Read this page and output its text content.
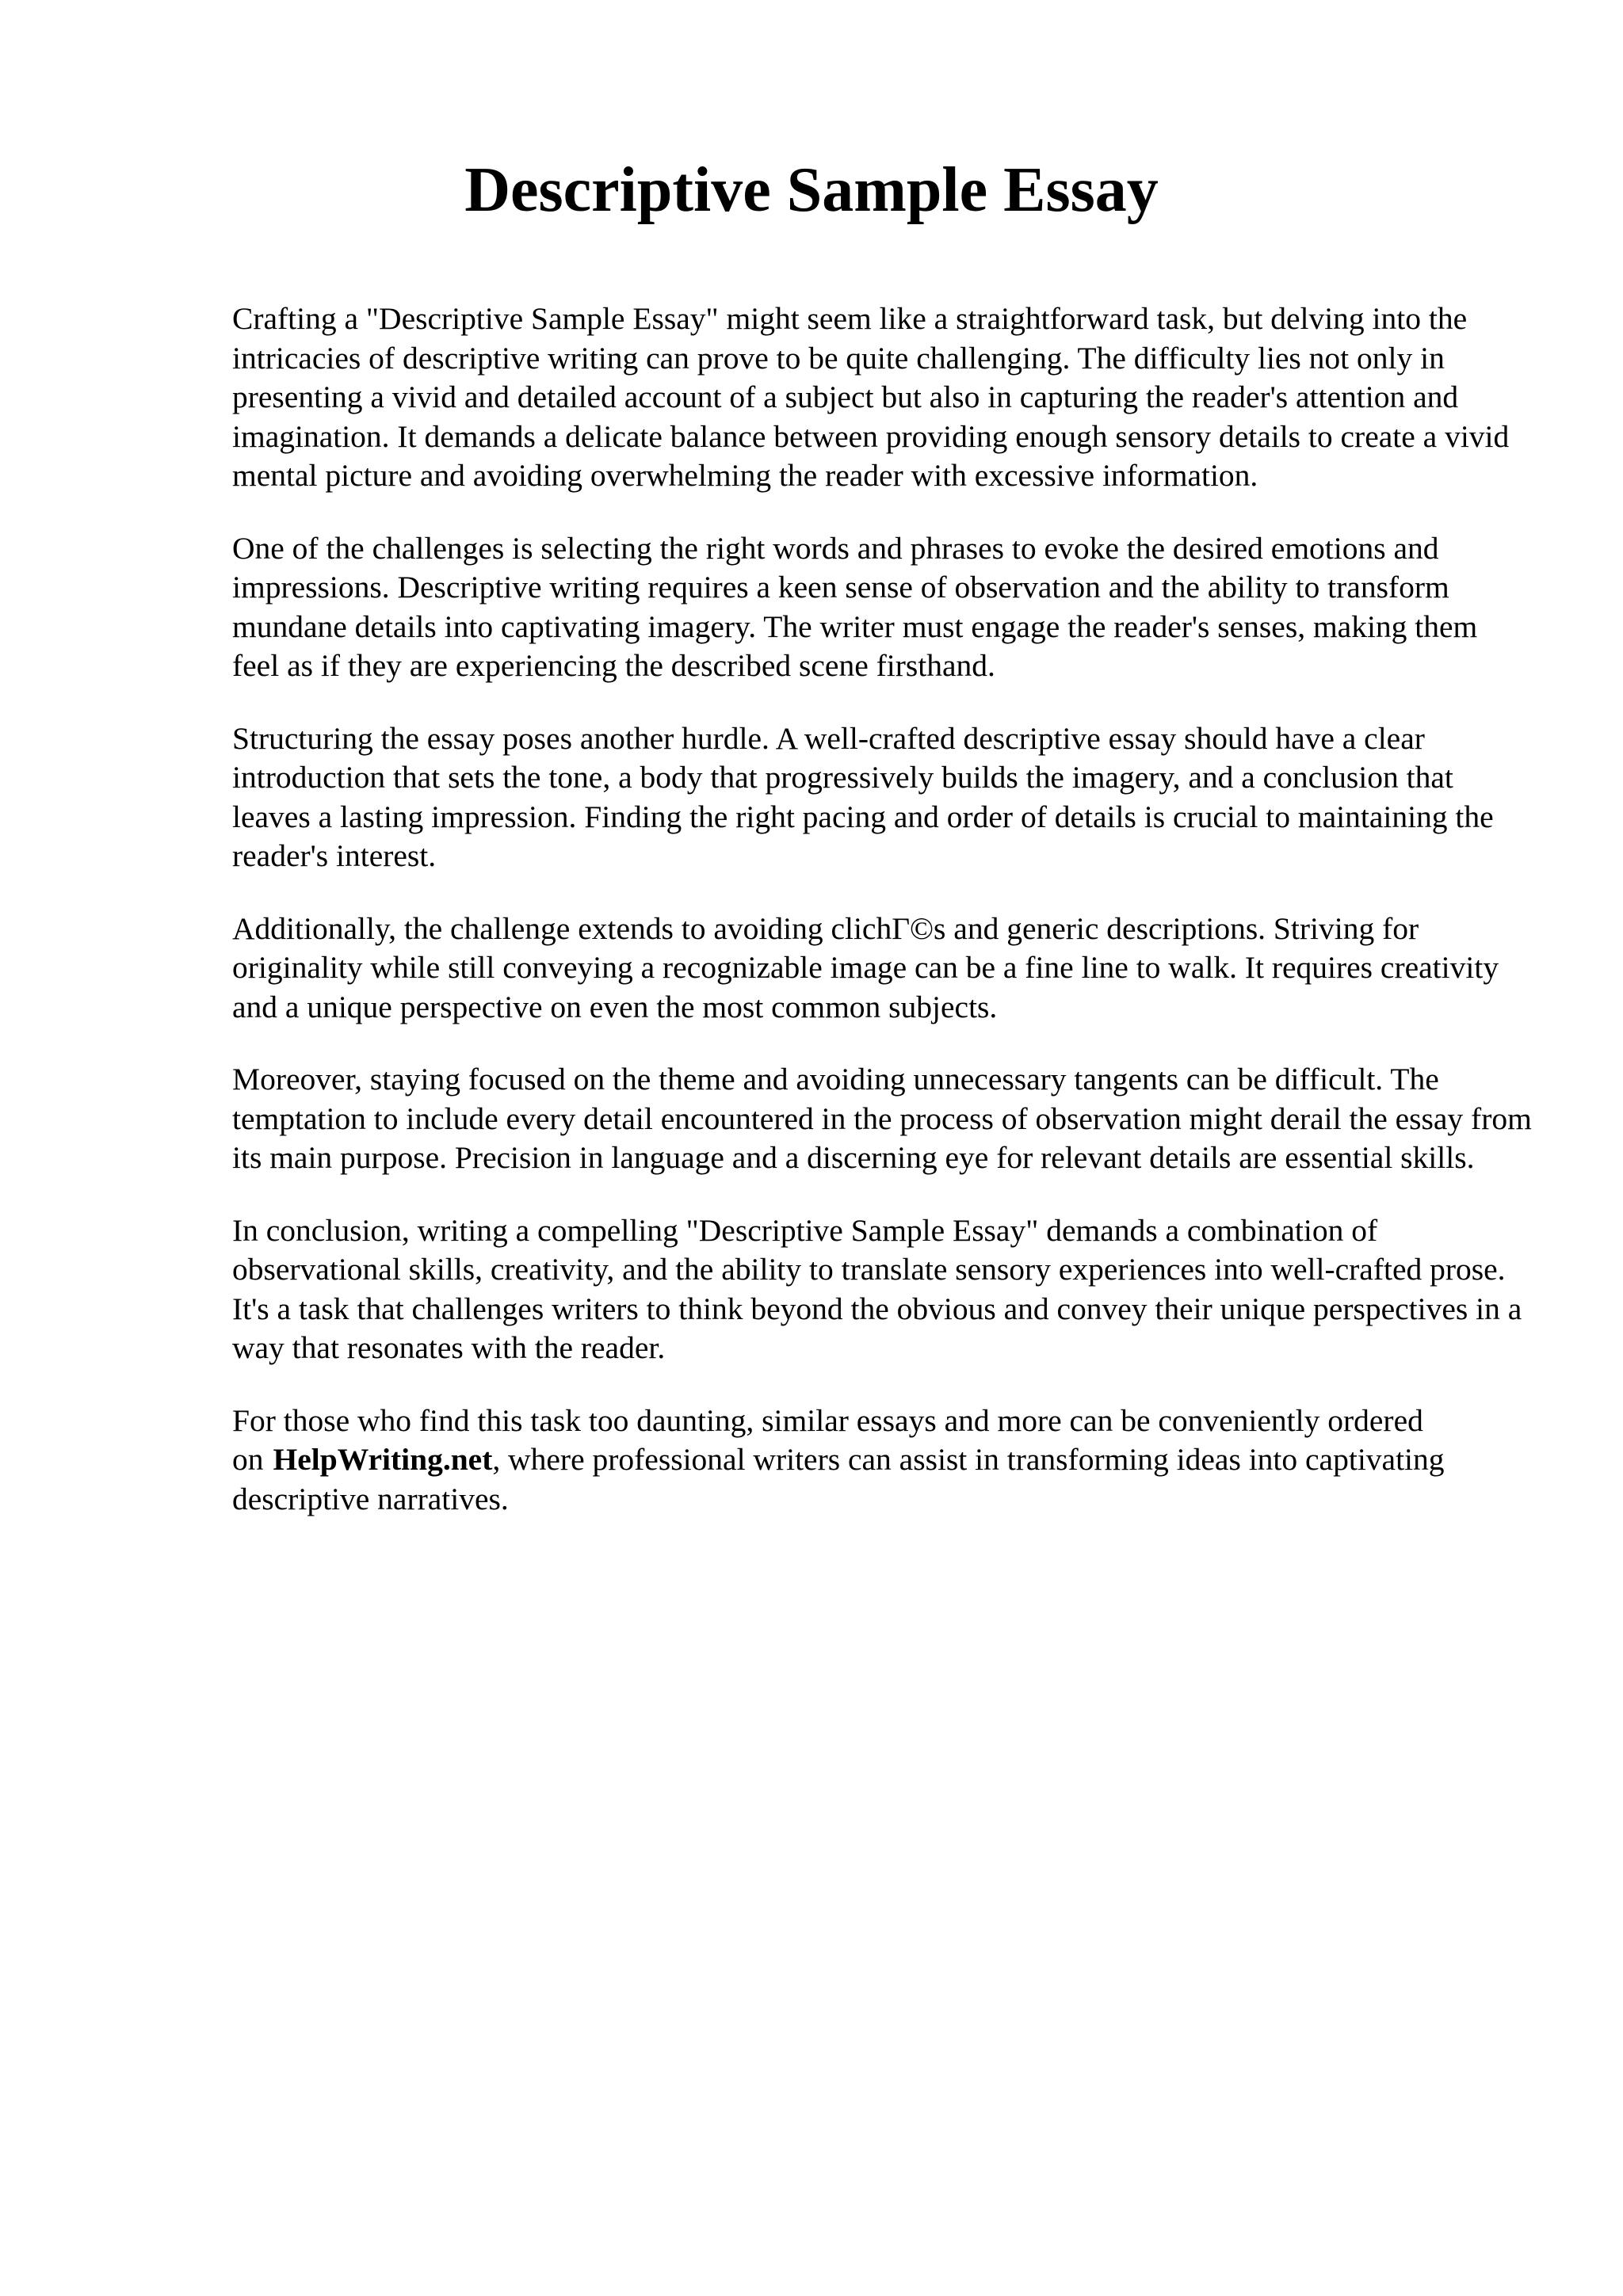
Descriptive Sample Essay

Crafting a "Descriptive Sample Essay" might seem like a straightforward task, but delving into the intricacies of descriptive writing can prove to be quite challenging. The difficulty lies not only in presenting a vivid and detailed account of a subject but also in capturing the reader's attention and imagination. It demands a delicate balance between providing enough sensory details to create a vivid mental picture and avoiding overwhelming the reader with excessive information.

One of the challenges is selecting the right words and phrases to evoke the desired emotions and impressions. Descriptive writing requires a keen sense of observation and the ability to transform mundane details into captivating imagery. The writer must engage the reader's senses, making them feel as if they are experiencing the described scene firsthand.

Structuring the essay poses another hurdle. A well-crafted descriptive essay should have a clear introduction that sets the tone, a body that progressively builds the imagery, and a conclusion that leaves a lasting impression. Finding the right pacing and order of details is crucial to maintaining the reader's interest.

Additionally, the challenge extends to avoiding clichГ©s and generic descriptions. Striving for originality while still conveying a recognizable image can be a fine line to walk. It requires creativity and a unique perspective on even the most common subjects.

Moreover, staying focused on the theme and avoiding unnecessary tangents can be difficult. The temptation to include every detail encountered in the process of observation might derail the essay from its main purpose. Precision in language and a discerning eye for relevant details are essential skills.

In conclusion, writing a compelling "Descriptive Sample Essay" demands a combination of observational skills, creativity, and the ability to translate sensory experiences into well-crafted prose. It's a task that challenges writers to think beyond the obvious and convey their unique perspectives in a way that resonates with the reader.

For those who find this task too daunting, similar essays and more can be conveniently ordered on HelpWriting.net, where professional writers can assist in transforming ideas into captivating descriptive narratives.
